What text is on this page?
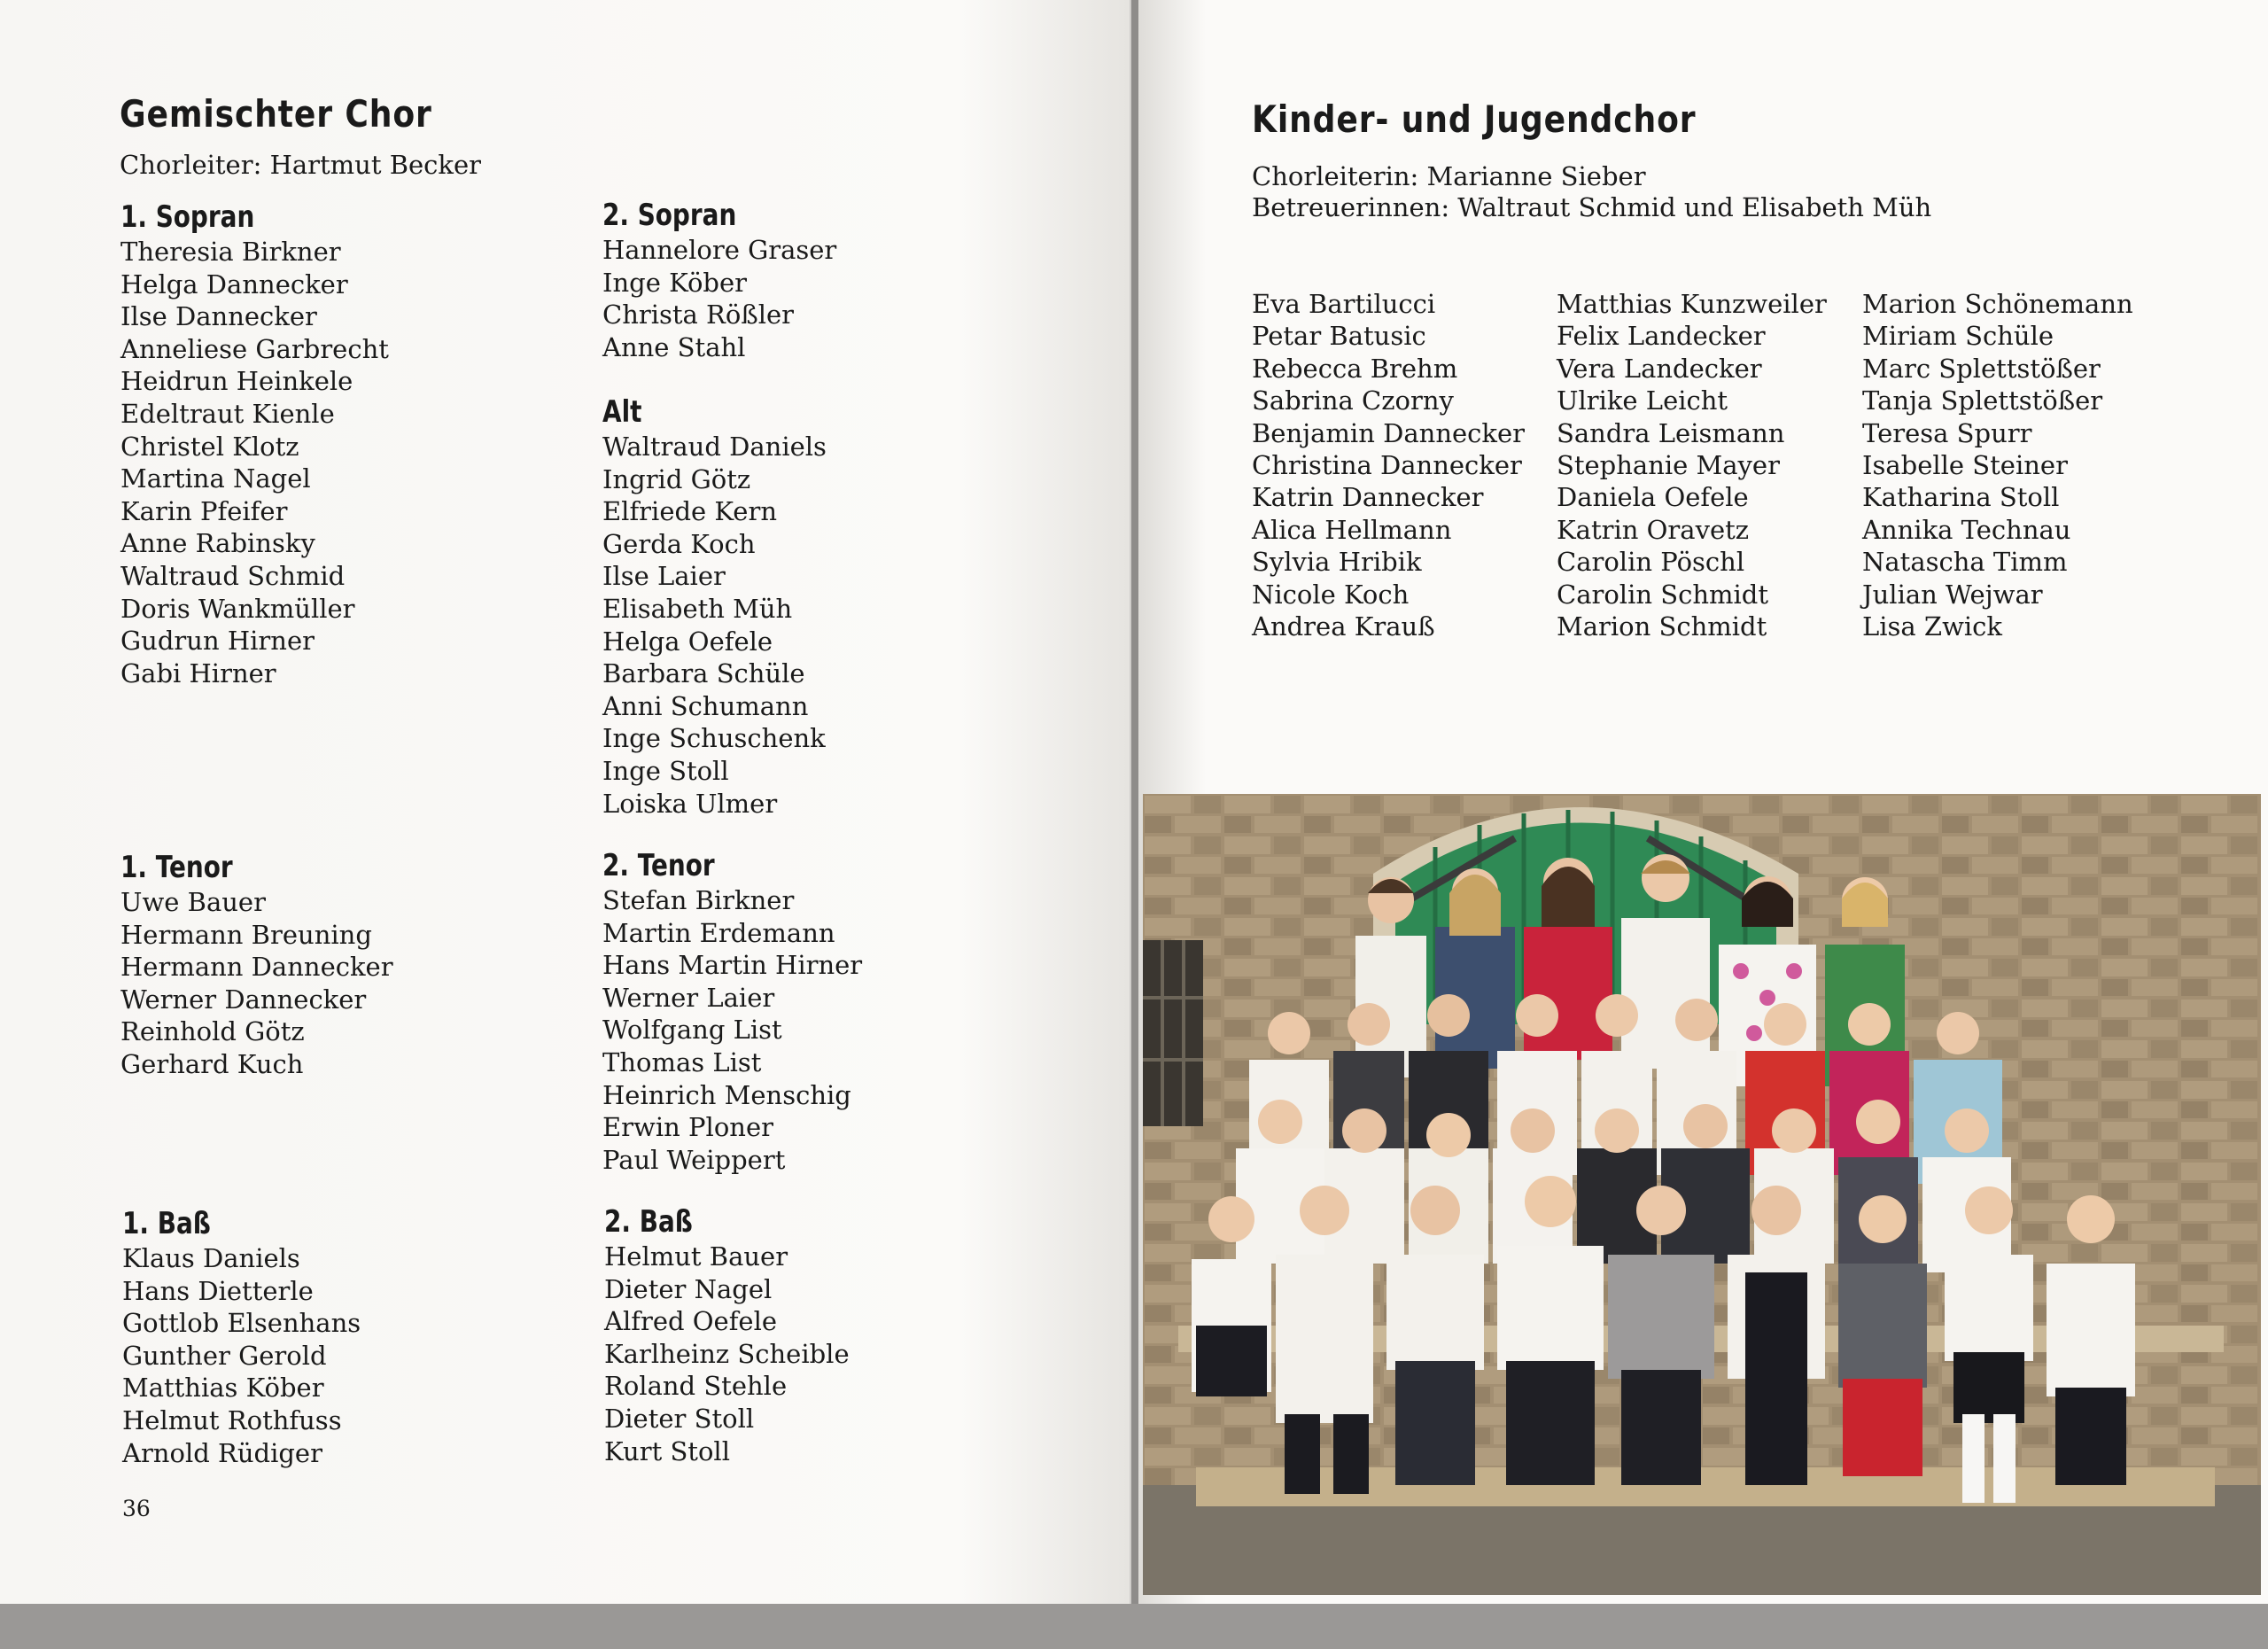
Gemischter Chor
Chorleiter: Hartmut Becker
1. Sopran
Theresia Birkner
Helga Dannecker
Ilse Dannecker
Anneliese Garbrecht
Heidrun Heinkele
Edeltraut Kienle
Christel Klotz
Martina Nagel
Karin Pfeifer
Anne Rabinsky
Waltraud Schmid
Doris Wankmüller
Gudrun Hirner
Gabi Hirner
2. Sopran
Hannelore Graser
Inge Köber
Christa Rößler
Anne Stahl
Alt
Waltraud Daniels
Ingrid Götz
Elfriede Kern
Gerda Koch
Ilse Laier
Elisabeth Müh
Helga Oefele
Barbara Schüle
Anni Schumann
Inge Schuschenk
Inge Stoll
Loiska Ulmer
1. Tenor
Uwe Bauer
Hermann Breuning
Hermann Dannecker
Werner Dannecker
Reinhold Götz
Gerhard Kuch
2. Tenor
Stefan Birkner
Martin Erdemann
Hans Martin Hirner
Werner Laier
Wolfgang List
Thomas List
Heinrich Menschig
Erwin Ploner
Paul Weippert
1. Baß
Klaus Daniels
Hans Dietterle
Gottlob Elsenhans
Gunther Gerold
Matthias Köber
Helmut Rothfuss
Arnold Rüdiger
2. Baß
Helmut Bauer
Dieter Nagel
Alfred Oefele
Karlheinz Scheible
Roland Stehle
Dieter Stoll
Kurt Stoll
36
Kinder- und Jugendchor
Chorleiterin: Marianne Sieber
Betreuerinnen: Waltraut Schmid und Elisabeth Müh
Eva Bartilucci
Petar Batusic
Rebecca Brehm
Sabrina Czorny
Benjamin Dannecker
Christina Dannecker
Katrin Dannecker
Alica Hellmann
Sylvia Hribik
Nicole Koch
Andrea Krauß
Matthias Kunzweiler
Felix Landecker
Vera Landecker
Ulrike Leicht
Sandra Leismann
Stephanie Mayer
Daniela Oefele
Katrin Oravetz
Carolin Pöschl
Carolin Schmidt
Marion Schmidt
Marion Schönemann
Miriam Schüle
Marc Splettstößer
Tanja Splettstößer
Teresa Spurr
Isabelle Steiner
Katharina Stoll
Annika Technau
Natascha Timm
Julian Wejwar
Lisa Zwick
